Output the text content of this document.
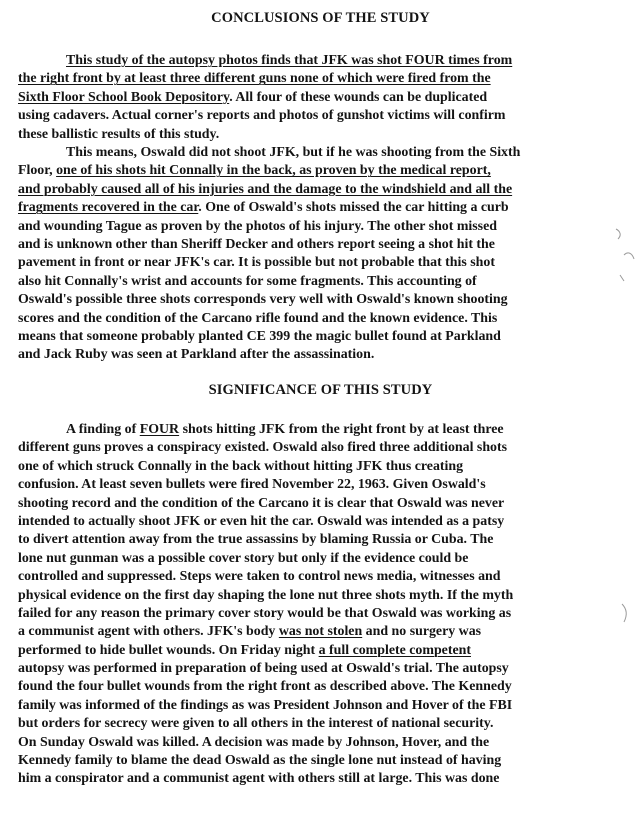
CONCLUSIONS OF THE STUDY
This study of the autopsy photos finds that JFK was shot FOUR times from
the right front by at least three different guns none of which were fired from the
Sixth Floor School Book Depository. All four of these wounds can be duplicated
using cadavers. Actual corner's reports and photos of gunshot victims will confirm
these ballistic results of this study.
This means, Oswald did not shoot JFK, but if he was shooting from the Sixth
Floor, one of his shots hit Connally in the back, as proven by the medical report,
and probably caused all of his injuries and the damage to the windshield and all the
fragments recovered in the car. One of Oswald's shots missed the car hitting a curb
and wounding Tague as proven by the photos of his injury. The other shot missed
and is unknown other than Sheriff Decker and others report seeing a shot hit the
pavement in front or near JFK's car. It is possible but not probable that this shot
also hit Connally's wrist and accounts for some fragments. This accounting of
Oswald's possible three shots corresponds very well with Oswald's known shooting
scores and the condition of the Carcano rifle found and the known evidence. This
means that someone probably planted CE 399 the magic bullet found at Parkland
and Jack Ruby was seen at Parkland after the assassination.
SIGNIFICANCE OF THIS STUDY
A finding of FOUR shots hitting JFK from the right front by at least three
different guns proves a conspiracy existed. Oswald also fired three additional shots
one of which struck Connally in the back without hitting JFK thus creating
confusion. At least seven bullets were fired November 22, 1963. Given Oswald's
shooting record and the condition of the Carcano it is clear that Oswald was never
intended to actually shoot JFK or even hit the car. Oswald was intended as a patsy
to divert attention away from the true assassins by blaming Russia or Cuba. The
lone nut gunman was a possible cover story but only if the evidence could be
controlled and suppressed. Steps were taken to control news media, witnesses and
physical evidence on the first day shaping the lone nut three shots myth. If the myth
failed for any reason the primary cover story would be that Oswald was working as
a communist agent with others. JFK's body was not stolen and no surgery was
performed to hide bullet wounds. On Friday night a full complete competent
autopsy was performed in preparation of being used at Oswald's trial. The autopsy
found the four bullet wounds from the right front as described above. The Kennedy
family was informed of the findings as was President Johnson and Hover of the FBI
but orders for secrecy were given to all others in the interest of national security.
On Sunday Oswald was killed. A decision was made by Johnson, Hover, and the
Kennedy family to blame the dead Oswald as the single lone nut instead of having
him a conspirator and a communist agent with others still at large. This was done
